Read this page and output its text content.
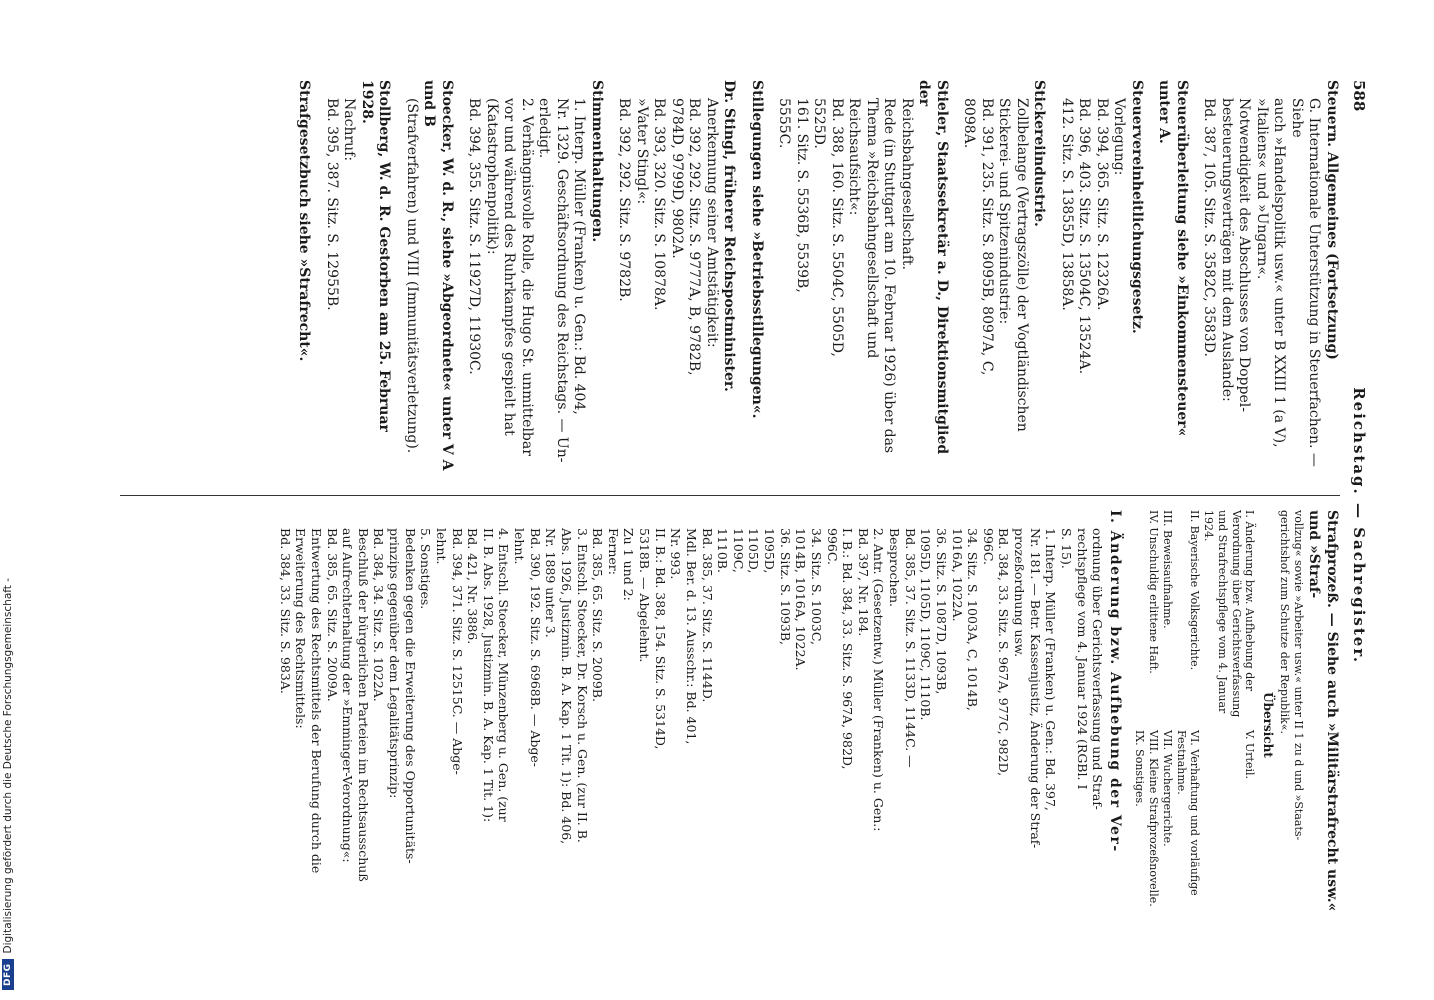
DFG
Digitalisierung gefördert durch die Deutsche Forschungsgemeinschaft -
588
Reichstag. — Sachregister.
Steuern. Allgemeines (Fortsetzung)
G. Internationale Unterstützung in Steuerfachen. — Siehe
auch »Handelspolitik usw.« unter B XXIII 1 (a V),
»Italiens« und »Ungarn«.
Notwendigkeit des Abschlusses von Doppel-
besteuerungsverträgen mit dem Auslande:
Bd. 387, 105. Sitz. S. 3582C, 3583D.
Steuerüberleitung siehe »Einkommensteuer« unter A.
Steuervereinheitlichungsgesetz.
Vorlegung:
Bd. 394, 365. Sitz. S. 12326A.
Bd. 396, 403. Sitz. S. 13504C, 13524A.
412. Sitz. S. 13855D, 13858A.
Stickereiindustrie.
Zollbelange (Vertragszölle) der Vogtländischen
Stickerei- und Spitzenindustrie:
Bd. 391, 235. Sitz. S. 8095B, 8097A, C,
8098A.
Stieler, Staatssekretär a. D., Direktionsmitglied der
Reichsbahngesellschaft.
Rede (in Stuttgart am 10. Februar 1926) über das
Thema »Reichsbahngesellschaft und Reichsaufsicht«:
Bd. 388, 160. Sitz. S. 5504C, 5505D,
5525D.
161. Sitz. S. 5536B, 5539B,
5555C.
Stillegungen siehe »Betriebsstillegungen«.
Dr. Stingl, früherer Reichspostminister.
Anerkennung seiner Amtstätigkeit:
Bd. 392, 292. Sitz. S. 9777A, B, 9782B,
9784D, 9799D, 9802A.
Bd. 393, 320. Sitz. S. 10878A.
»Vater Stingl«:
Bd. 392, 292. Sitz. S. 9782B.
Stimmenthaltungen.
1. Interp. Müller (Franken) u. Gen.: Bd. 404,
Nr. 1329. Geschäftsordnung des Reichstags. — Un-
erledigt.
2. Verhängnisvolle Rolle, die Hugo St. unmittelbar
vor und während des Ruhrkampfes gespielt hat
(Katastrophenpolitik):
Bd. 394, 355. Sitz. S. 11927D, 11930C.
Stoecker, W. d. R., siehe »Abgeordnete« unter V A und B
(Strafverfahren) und VIII (Immunitätsverletzung).
Stollberg, W. d. R. Gestorben am 25. Februar 1928.
Nachruf:
Bd. 395, 387. Sitz. S. 12955B.
Strafgesetzbuch siehe »Strafrecht«.
Strafprozeß. — Siehe auch »Militärstrafrecht usw.« und »Straf-
vollzug« sowie »Arbeiter usw.« unter II 1 zu d und »Staats-
gerichtshof zum Schutze der Republik«.
Übersicht
I. Änderung bzw. Aufhebung der Verordnung über Gerichtsverfassung und Strafrechtspflege vom 4. Januar 1924.
V. Urteil.
II. Bayerische Volksgerichte.
VI. Verhaftung und vorläufige Festnahme.
III. Beweisaufnahme.
VII. Wuchergerichte.
IV. Unschuldig erlittene Haft.
VIII. Kleine Strafprozeßnovelle.
IX. Sonstiges.
I. Änderung bzw. Aufhebung der Ver-
ordnung über Gerichtsverfassung und Straf-
rechtspflege vom 4. Januar 1924 (RGBl. I
S. 15).
1. Interp. Müller (Franken) u. Gen.: Bd. 397,
Nr. 181. — Betr. Kassenjustiz, Änderung der Straf-
prozeßordnung usw.
Bd. 384, 33. Sitz. S. 967A, 977C, 982D,
996C.
34. Sitz. S. 1003A, C, 1014B,
1016A, 1022A.
36. Sitz. S. 1087D, 1093B,
1095D, 1105D, 1109C, 1110B.
Bd. 385, 37. Sitz. S. 1133D, 1144C. —
Besprochen.
2. Antr. (Gesetzentw.) Müller (Franken) u. Gen.:
Bd. 397, Nr. 184.
I. B.: Bd. 384, 33. Sitz. S. 967A, 982D,
996C.
34. Sitz. S. 1003C,
1014B, 1016A, 1022A.
36. Sitz. S. 1093B,
1095D,
1105D,
1109C,
1110B.
Bd. 385, 37. Sitz. S. 1144D.
Mdl. Ber. d. 13. Ausschr.: Bd. 401,
Nr. 993.
II. B.: Bd. 388, 154. Sitz. S. 5314D,
5318B. — Abgelehnt.
Zu 1 und 2:
Ferner:
Bd. 385, 65. Sitz. S. 2009B.
3. Entschl. Stoecker, Dr. Korsch u. Gen. (zur II. B.
Abs. 1926, Justizmin. B. A. Kap. 1 Tit. 1): Bd. 406,
Nr. 1889 unter 3.
Bd. 390, 192. Sitz. S. 6968B. — Abge-
lehnt.
4. Entschl. Stoecker, Münzenberg u. Gen. (zur
II. B. Abs. 1928, Justizmin. B. A. Kap. 1 Tit. 1):
Bd. 421, Nr. 3886.
Bd. 394, 371. Sitz. S. 12515C. — Abge-
lehnt.
5. Sonstiges.
Bedenken gegen die Erweiterung des Opportunitäts-
prinzips gegenüber dem Legalitätsprinzip:
Bd. 384, 34. Sitz. S. 1022A.
Beschluß der bürgerlichen Parteien im Rechtsausschuß
auf Aufrechterhaltung der »Emminger-Verordnung«:
Bd. 385, 65. Sitz. S. 2009A.
Entwertung des Rechtsmittels der Berufung durch die
Erweiterung des Rechtsmittels:
Bd. 384, 33. Sitz. S. 983A.
